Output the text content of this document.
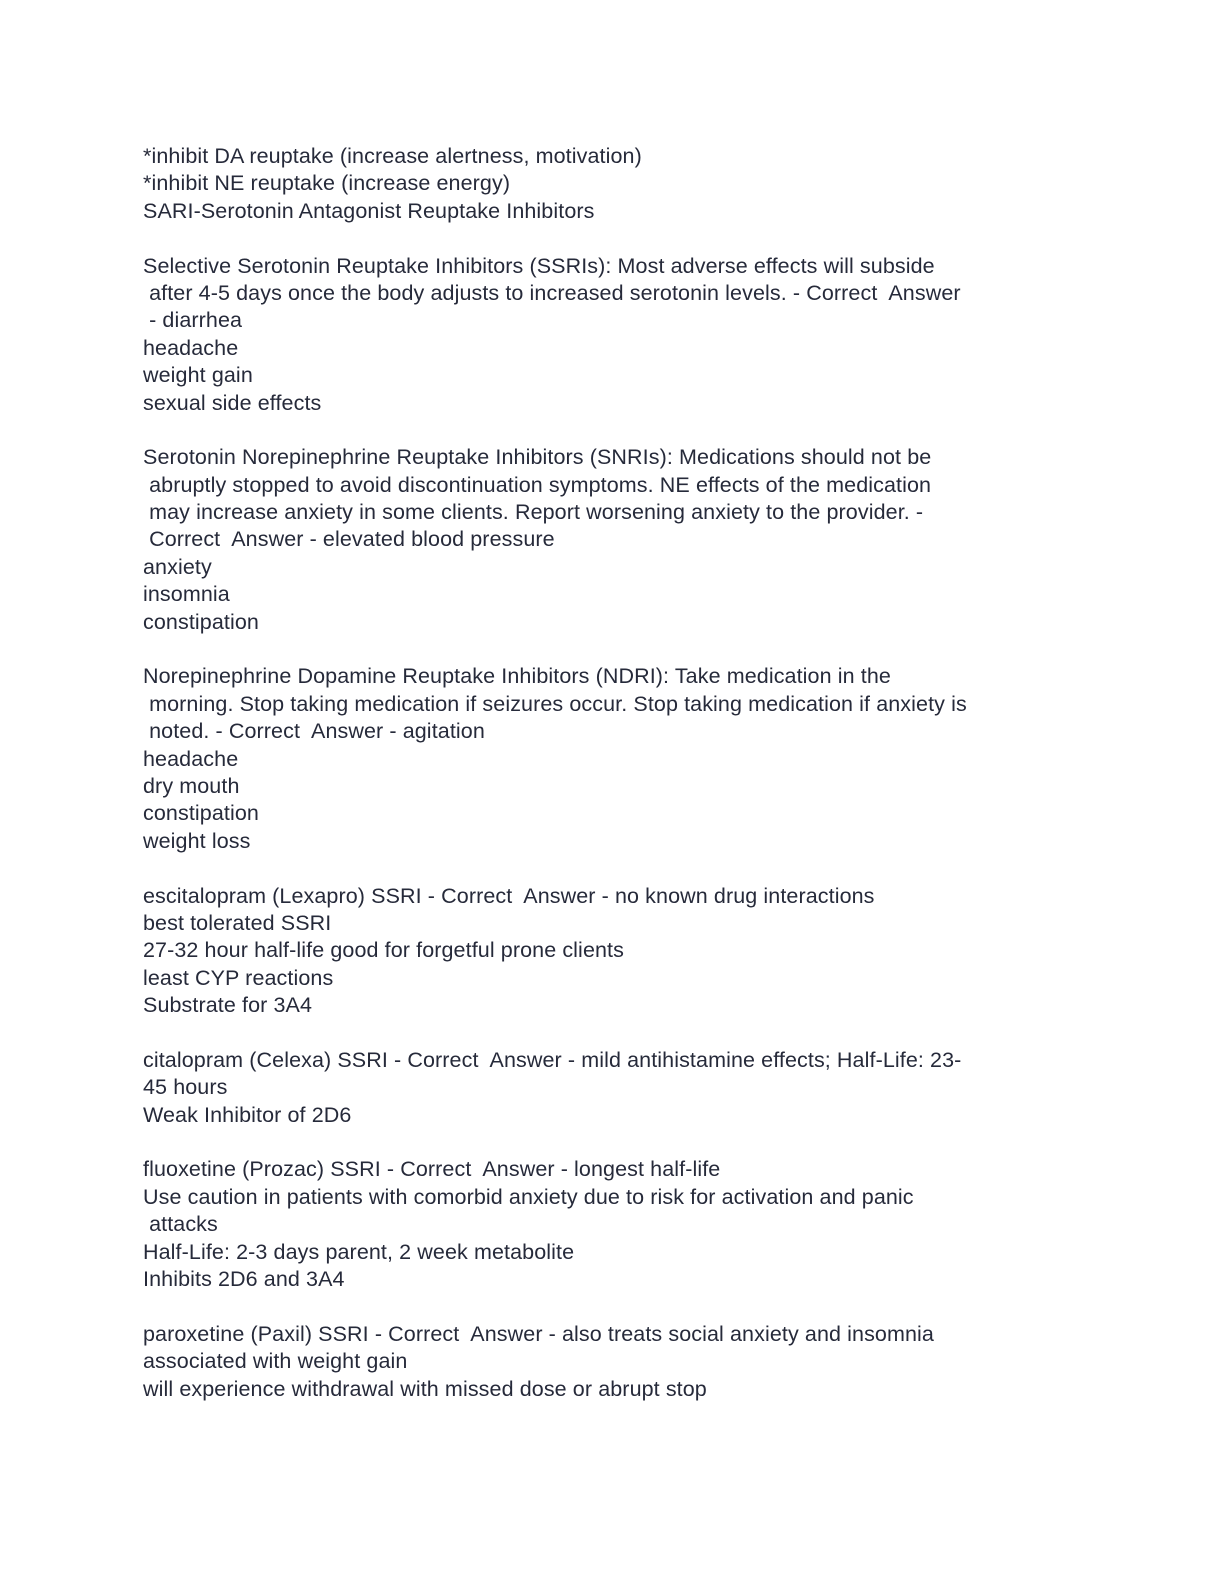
*inhibit DA reuptake (increase alertness, motivation)
*inhibit NE reuptake (increase energy)
SARI-Serotonin Antagonist Reuptake Inhibitors
Selective Serotonin Reuptake Inhibitors (SSRIs): Most adverse effects will subside
after 4-5 days once the body adjusts to increased serotonin levels. - Correct  Answer
- diarrhea
headache
weight gain
sexual side effects
Serotonin Norepinephrine Reuptake Inhibitors (SNRIs): Medications should not be
abruptly stopped to avoid discontinuation symptoms. NE effects of the medication
may increase anxiety in some clients. Report worsening anxiety to the provider. -
Correct  Answer - elevated blood pressure
anxiety
insomnia
constipation
Norepinephrine Dopamine Reuptake Inhibitors (NDRI): Take medication in the
morning. Stop taking medication if seizures occur. Stop taking medication if anxiety is
noted. - Correct  Answer - agitation
headache
dry mouth
constipation
weight loss
escitalopram (Lexapro) SSRI - Correct  Answer - no known drug interactions
best tolerated SSRI
27-32 hour half-life good for forgetful prone clients
least CYP reactions
Substrate for 3A4
citalopram (Celexa) SSRI - Correct  Answer - mild antihistamine effects; Half-Life: 23-
45 hours
Weak Inhibitor of 2D6
fluoxetine (Prozac) SSRI - Correct  Answer - longest half-life
Use caution in patients with comorbid anxiety due to risk for activation and panic
attacks
Half-Life: 2-3 days parent, 2 week metabolite
Inhibits 2D6 and 3A4
paroxetine (Paxil) SSRI - Correct  Answer - also treats social anxiety and insomnia
associated with weight gain
will experience withdrawal with missed dose or abrupt stop
